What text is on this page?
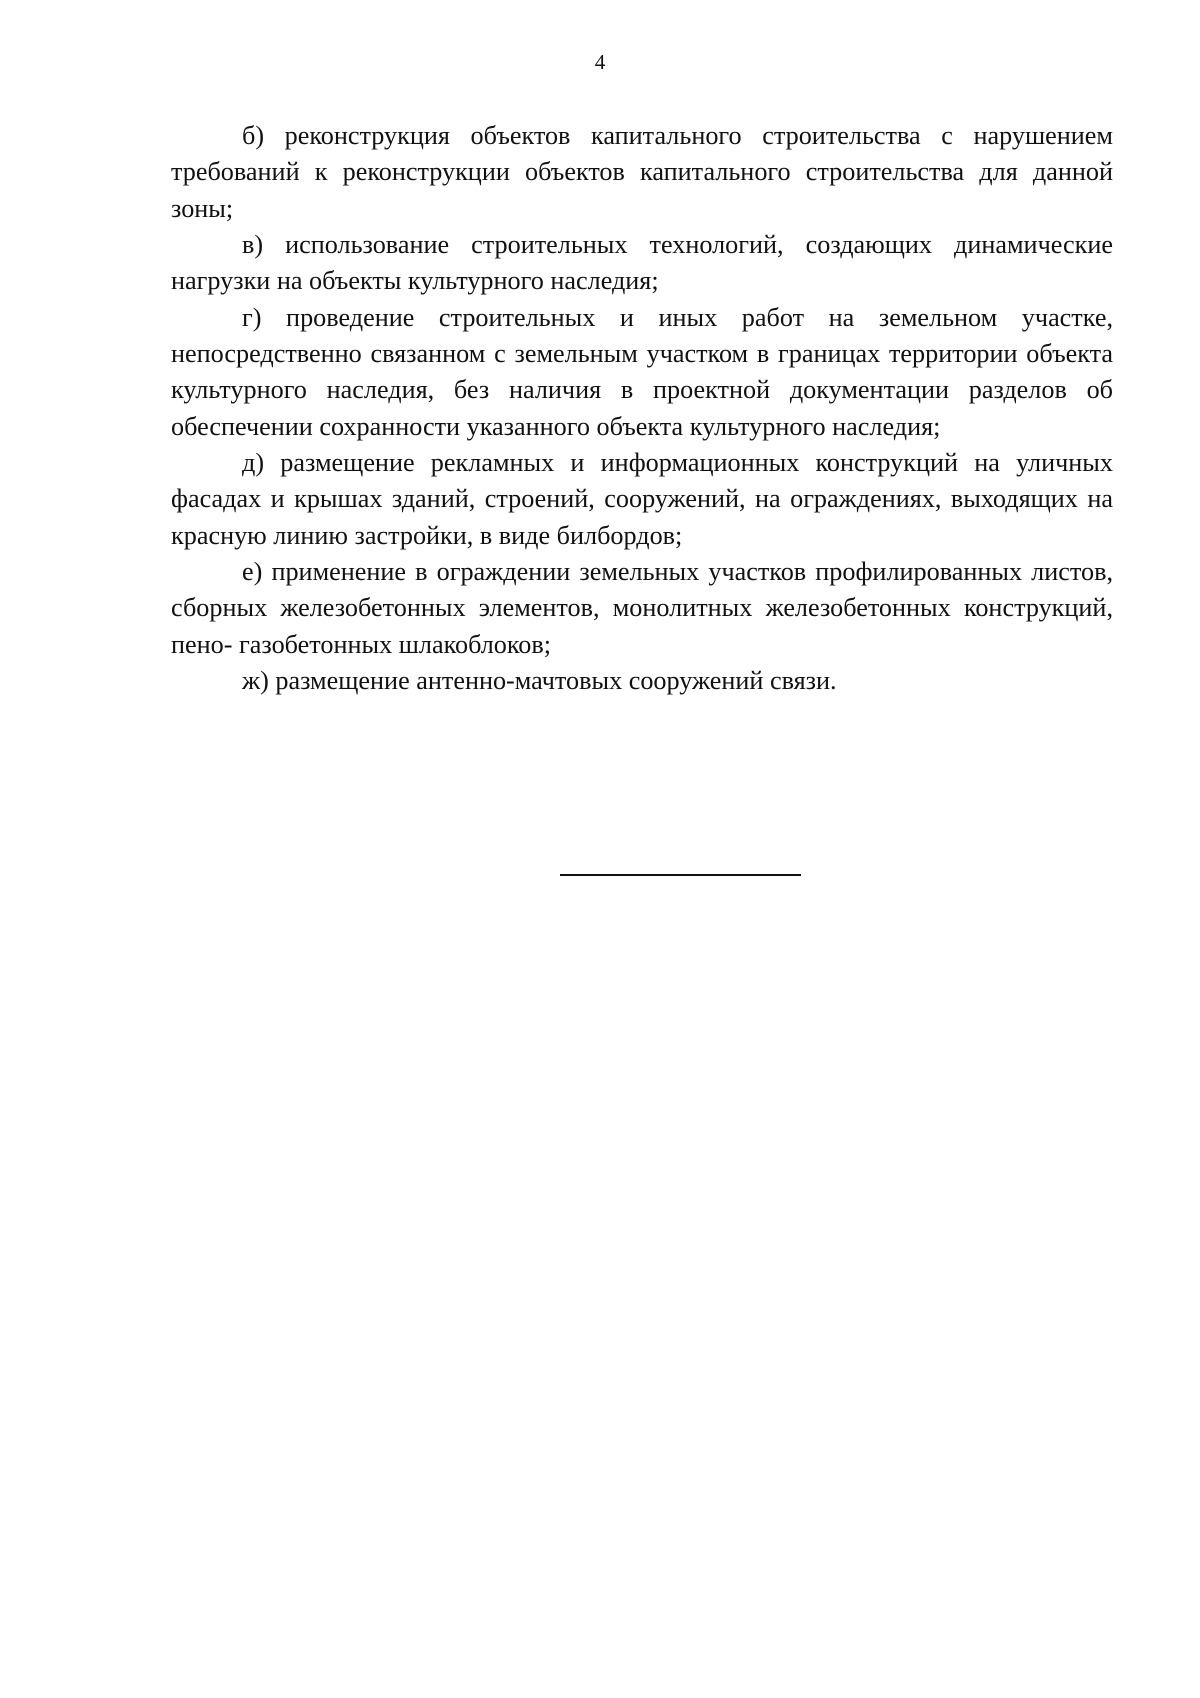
4

б) реконструкция объектов капитального строительства с нарушением требований к реконструкции объектов капитального строительства для данной зоны;

в) использование строительных технологий, создающих динамические нагрузки на объекты культурного наследия;

г) проведение строительных и иных работ на земельном участке, непосредственно связанном с земельным участком в границах территории объекта культурного наследия, без наличия в проектной документации разделов об обеспечении сохранности указанного объекта культурного наследия;

д) размещение рекламных и информационных конструкций на уличных фасадах и крышах зданий, строений, сооружений, на ограждениях, выходящих на красную линию застройки, в виде билбордов;

е) применение в ограждении земельных участков профилированных листов, сборных железобетонных элементов, монолитных железобетонных конструкций, пено- газобетонных шлакоблоков;

ж) размещение антенно-мачтовых сооружений связи.
